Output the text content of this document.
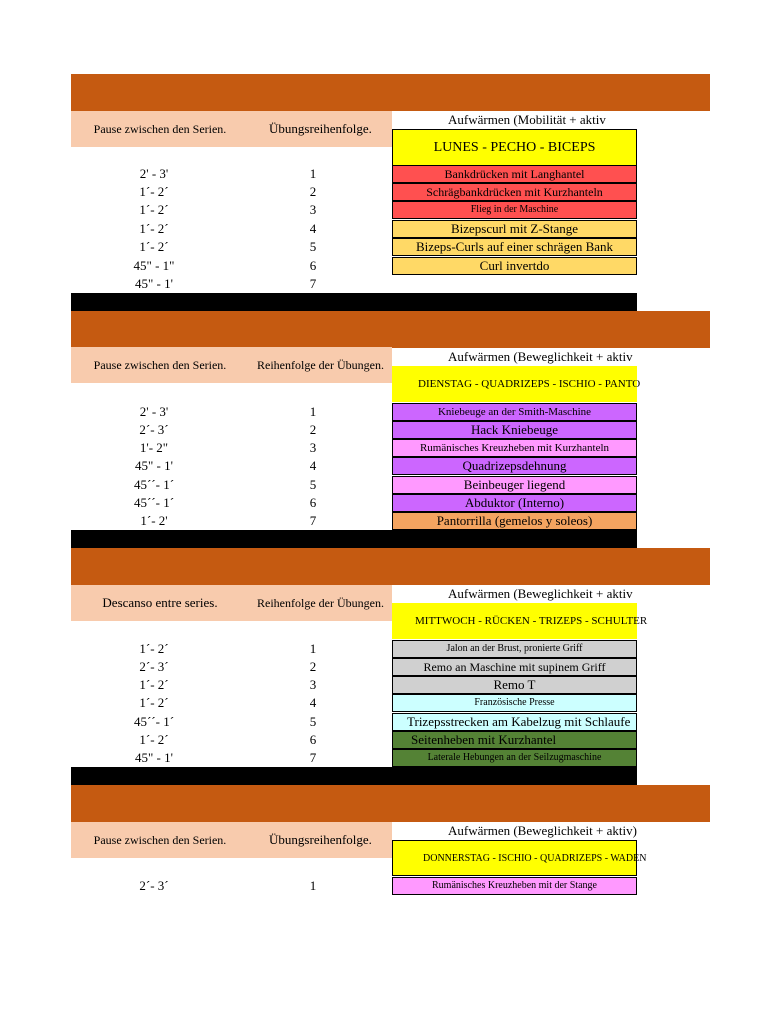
Pause zwischen den Serien.	Übungsreihenfolge.
Aufwärmen (Mobilität + aktiv
LUNES - PECHO - BICEPS
2' - 3'	1	Bankdrücken mit Langhantel
1´- 2´	2	Schrägbankdrücken mit Kurzhanteln
1´- 2´	3	Flieg in der Maschine
1´- 2´	4	Bizepscurl mit Z-Stange
1´- 2´	5	Bizeps-Curls auf einer schrägen Bank
45" - 1"	6	Curl invertdo
45" - 1'	7
Pause zwischen den Serien.	Reihenfolge der Übungen.
Aufwärmen (Beweglichkeit + aktiv
DIENSTAG - QUADRIZEPS - ISCHIO - PANTO
2' - 3'	1	Kniebeuge an der Smith-Maschine
2´- 3´	2	Hack Kniebeuge
1'- 2"	3	Rumänisches Kreuzheben mit Kurzhanteln
45" - 1'	4	Quadrizepsdehnung
45´´- 1´	5	Beinbeuger liegend
45´´- 1´	6	Abduktor (Interno)
1´- 2'	7	Pantorrilla (gemelos y soleos)
Descanso entre series.	Reihenfolge der Übungen.
Aufwärmen (Beweglichkeit + aktiv
MITTWOCH - RÜCKEN - TRIZEPS - SCHULTER
1´- 2´	1	Jalon an der Brust, pronierte Griff
2´- 3´	2	Remo an Maschine mit supinem Griff
1´- 2´	3	Remo T
1´- 2´	4	Französische Presse
45´´- 1´	5	Trizepsstrecken am Kabelzug mit Schlaufe
1´- 2´	6	Seitenheben mit Kurzhantel
45" - 1'	7	Laterale Hebungen an der Seilzugmaschine
Pause zwischen den Serien.	Übungsreihenfolge.
Aufwärmen (Beweglichkeit + aktiv)
DONNERSTAG - ISCHIO - QUADRIZEPS - WADEN
2´- 3´	1	Rumänisches Kreuzheben mit der Stange
